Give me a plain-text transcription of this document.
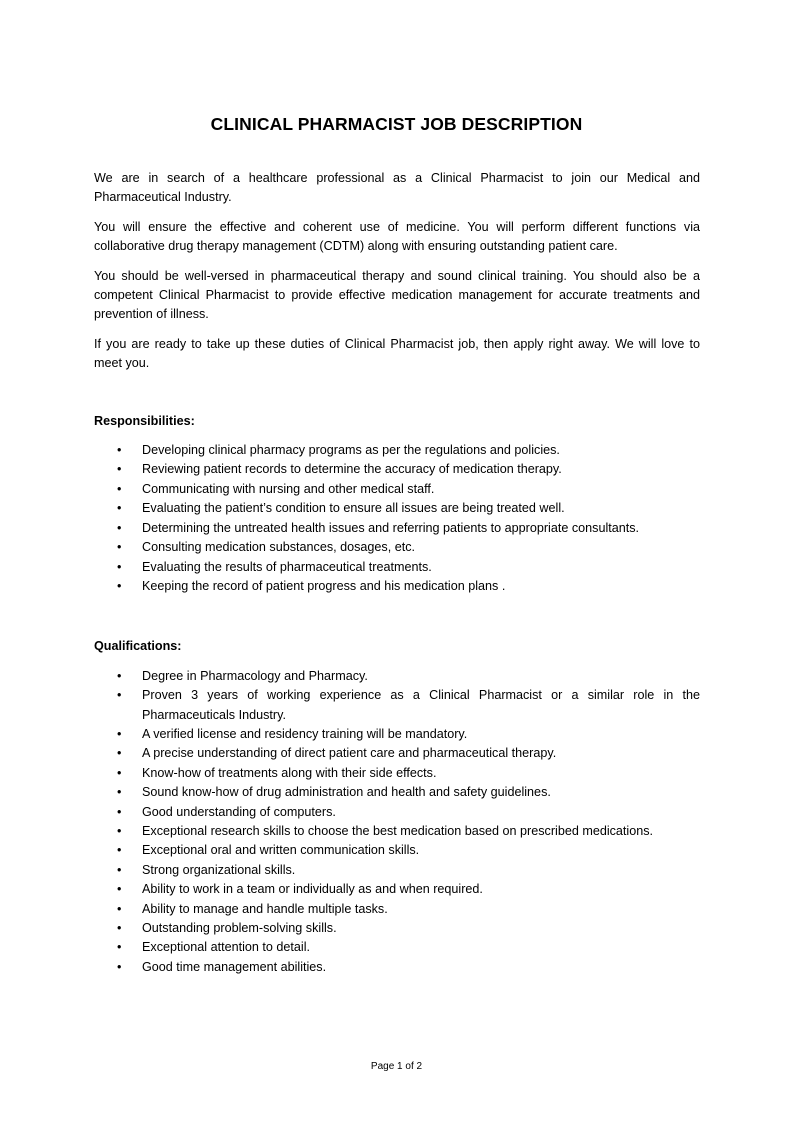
CLINICAL PHARMACIST JOB DESCRIPTION

We are in search of a healthcare professional as a Clinical Pharmacist to join our Medical and Pharmaceutical Industry.

You will ensure the effective and coherent use of medicine. You will perform different functions via collaborative drug therapy management (CDTM) along with ensuring outstanding patient care.

You should be well-versed in pharmaceutical therapy and sound clinical training. You should also be a competent Clinical Pharmacist to provide effective medication management for accurate treatments and prevention of illness.

If you are ready to take up these duties of Clinical Pharmacist job, then apply right away. We will love to meet you.

Responsibilities:

• Developing clinical pharmacy programs as per the regulations and policies.
• Reviewing patient records to determine the accuracy of medication therapy.
• Communicating with nursing and other medical staff.
• Evaluating the patient’s condition to ensure all issues are being treated well.
• Determining the untreated health issues and referring patients to appropriate consultants.
• Consulting medication substances, dosages, etc.
• Evaluating the results of pharmaceutical treatments.
• Keeping the record of patient progress and his medication plans .

Qualifications:

• Degree in Pharmacology and Pharmacy.
• Proven 3 years of working experience as a Clinical Pharmacist or a similar role in the Pharmaceuticals Industry.
• A verified license and residency training will be mandatory.
• A precise understanding of direct patient care and pharmaceutical therapy.
• Know-how of treatments along with their side effects.
• Sound know-how of drug administration and health and safety guidelines.
• Good understanding of computers.
• Exceptional research skills to choose the best medication based on prescribed medications.
• Exceptional oral and written communication skills.
• Strong organizational skills.
• Ability to work in a team or individually as and when required.
• Ability to manage and handle multiple tasks.
• Outstanding problem-solving skills.
• Exceptional attention to detail.
• Good time management abilities.
Page 1 of 2
